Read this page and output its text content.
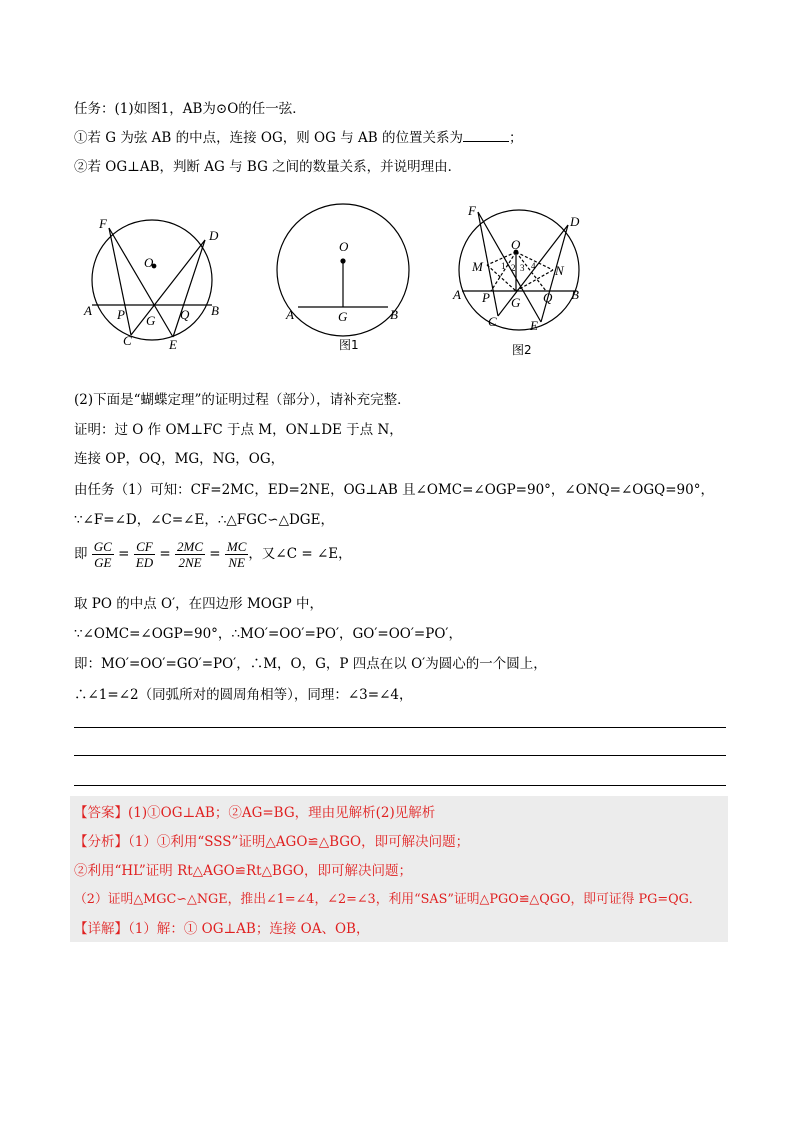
任务：(1)如图1，AB为⊙O的任一弦．
①若 G 为弦 AB 的中点，连接 OG，则 OG 与 AB 的位置关系为	；
②若 OG⊥AB，判断 AG 与 BG 之间的数量关系，并说明理由．
F
D
O
A P G Q B
C	E
O
A	G	B
图1
F
D
O
M 1 2 3 4 N
A P G Q B
C	E
图2
(2)下面是“蝴蝶定理”的证明过程（部分），请补充完整．
证明：过 O 作 OM⊥FC 于点 M，ON⊥DE 于点 N，
连接 OP，OQ，MG，NG，OG，
由任务（1）可知：CF=2MC，ED=2NE，OG⊥AB 且∠OMC=∠OGP=90°，∠ONQ=∠OGQ=90°，
∵∠F=∠D，∠C=∠E，∴△FGC∽△DGE，
即 $\frac{GC}{GE} = \frac{CF}{ED} = \frac{2MC}{2NE} = \frac{MC}{NE}$ ，又∠C = ∠E，
取 PO 的中点 O′，在四边形 MOGP 中，
∵∠OMC=∠OGP=90°，∴MO′=OO′=PO′，GO′=OO′=PO′，
即：MO′=OO′=GO′=PO′，∴M，O，G，P 四点在以 O′为圆心的一个圆上，
∴∠1=∠2（同弧所对的圆周角相等），同理：∠3=∠4，
【答案】(1)①OG⊥AB；②AG=BG，理由见解析(2)见解析
【分析】（1）①利用“SSS”证明△AGO≌△BGO，即可解决问题；
②利用“HL”证明 Rt△AGO≌Rt△BGO，即可解决问题；
（2）证明△MGC∽△NGE，推出∠1=∠4，∠2=∠3，利用“SAS”证明△PGO≌△QGO，即可证得 PG=QG．
【详解】（1）解：① OG⊥AB；连接 OA、OB，
